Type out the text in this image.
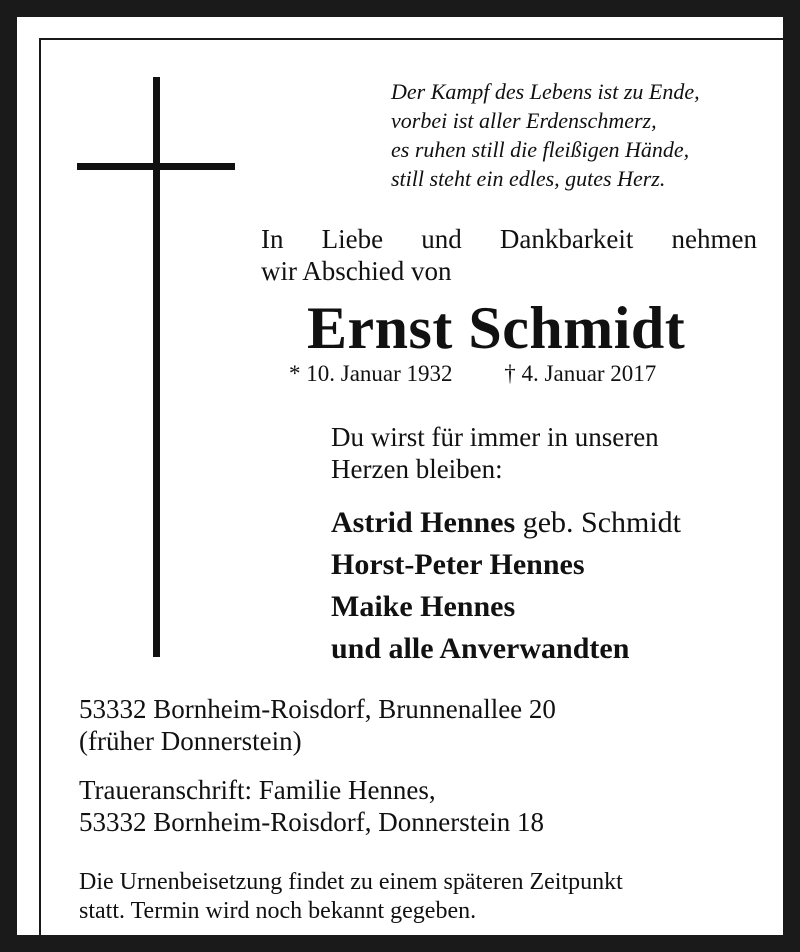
Der Kampf des Lebens ist zu Ende,
vorbei ist aller Erdenschmerz,
es ruhen still die fleißigen Hände,
still steht ein edles, gutes Herz.
In Liebe und Dankbarkeit nehmen
wir Abschied von
Ernst Schmidt
* 10. Januar 1932 † 4. Januar 2017
Du wirst für immer in unseren
Herzen bleiben:
Astrid Hennes geb. Schmidt
Horst-Peter Hennes
Maike Hennes
und alle Anverwandten
53332 Bornheim-Roisdorf, Brunnenallee 20
(früher Donnerstein)
Traueranschrift: Familie Hennes,
53332 Bornheim-Roisdorf, Donnerstein 18
Die Urnenbeisetzung findet zu einem späteren Zeitpunkt
statt. Termin wird noch bekannt gegeben.
